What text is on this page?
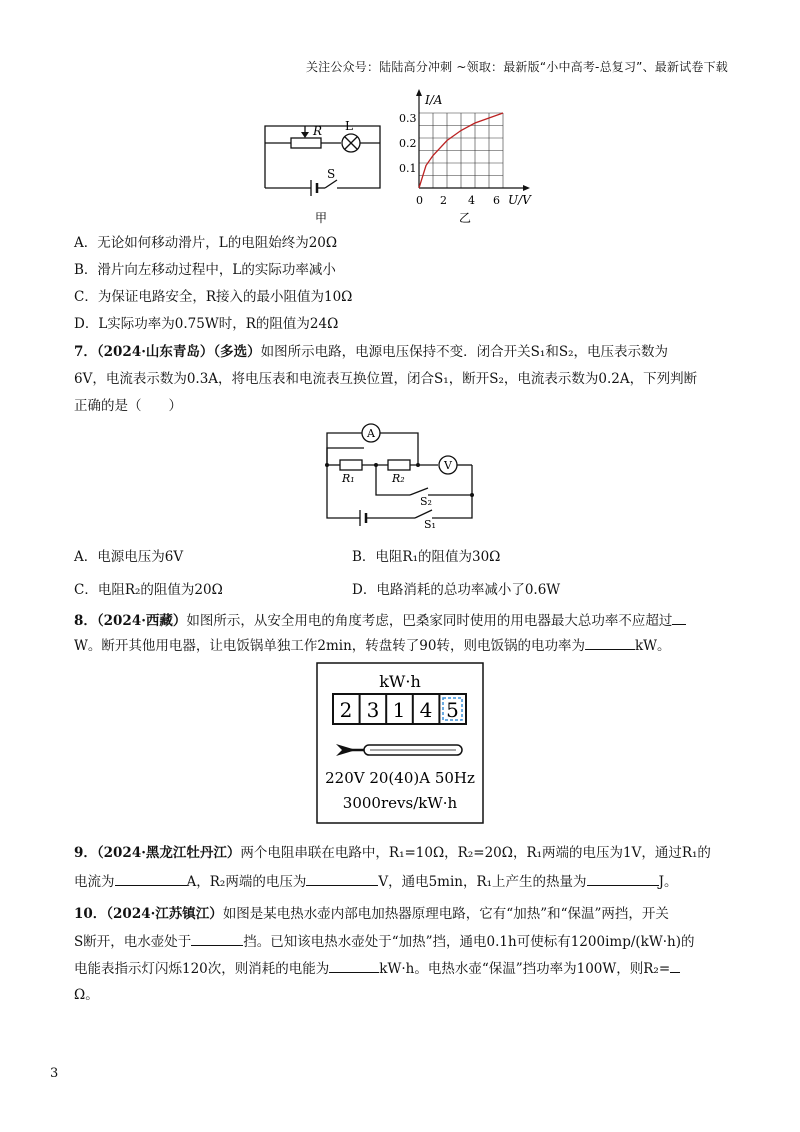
关注公众号：陆陆高分冲刺 ~领取：最新版“小中高考-总复习”、最新试卷下载
R L
S
甲
I/A
U/V
0.3
0.2
0.1
0 2 4 6
乙
A．无论如何移动滑片，L的电阻始终为20Ω
B．滑片向左移动过程中，L的实际功率减小
C．为保证电路安全，R接入的最小阻值为10Ω
D．L实际功率为0.75W时，R的阻值为24Ω
7．（2024·山东青岛）（多选）如图所示电路，电源电压保持不变．闭合开关S₁和S₂，电压表示数为
6V，电流表示数为0.3A，将电压表和电流表互换位置，闭合S₁，断开S₂，电流表示数为0.2A，下列判断
正确的是（　　）
A
V
R₁	R₂
S₂
S₁
A．电源电压为6V	B．电阻R₁的阻值为30Ω
C．电阻R₂的阻值为20Ω	D．电路消耗的总功率减小了0.6W
8．（2024·西藏）如图所示，从安全用电的角度考虑，巴桑家同时使用的用电器最大总功率不应超过
W。断开其他用电器，让电饭锅单独工作2min，转盘转了90转，则电饭锅的电功率为	kW。
kW·h
2 3 1 4 5
220V 20(40)A 50Hz
3000revs/kW·h
9．（2024·黑龙江牡丹江）两个电阻串联在电路中，R₁=10Ω，R₂=20Ω，R₁两端的电压为1V，通过R₁的
电流为	A，R₂两端的电压为	V，通电5min，R₁上产生的热量为	J。
10．（2024·江苏镇江）如图是某电热水壶内部电加热器原理电路，它有“加热”和“保温”两挡，开关
S断开，电水壶处于	挡。已知该电热水壶处于“加热”挡，通电0.1h可使标有1200imp/(kW·h)的
电能表指示灯闪烁120次，则消耗的电能为	kW·h。电热水壶“保温”挡功率为100W，则R₂=
Ω。
3
